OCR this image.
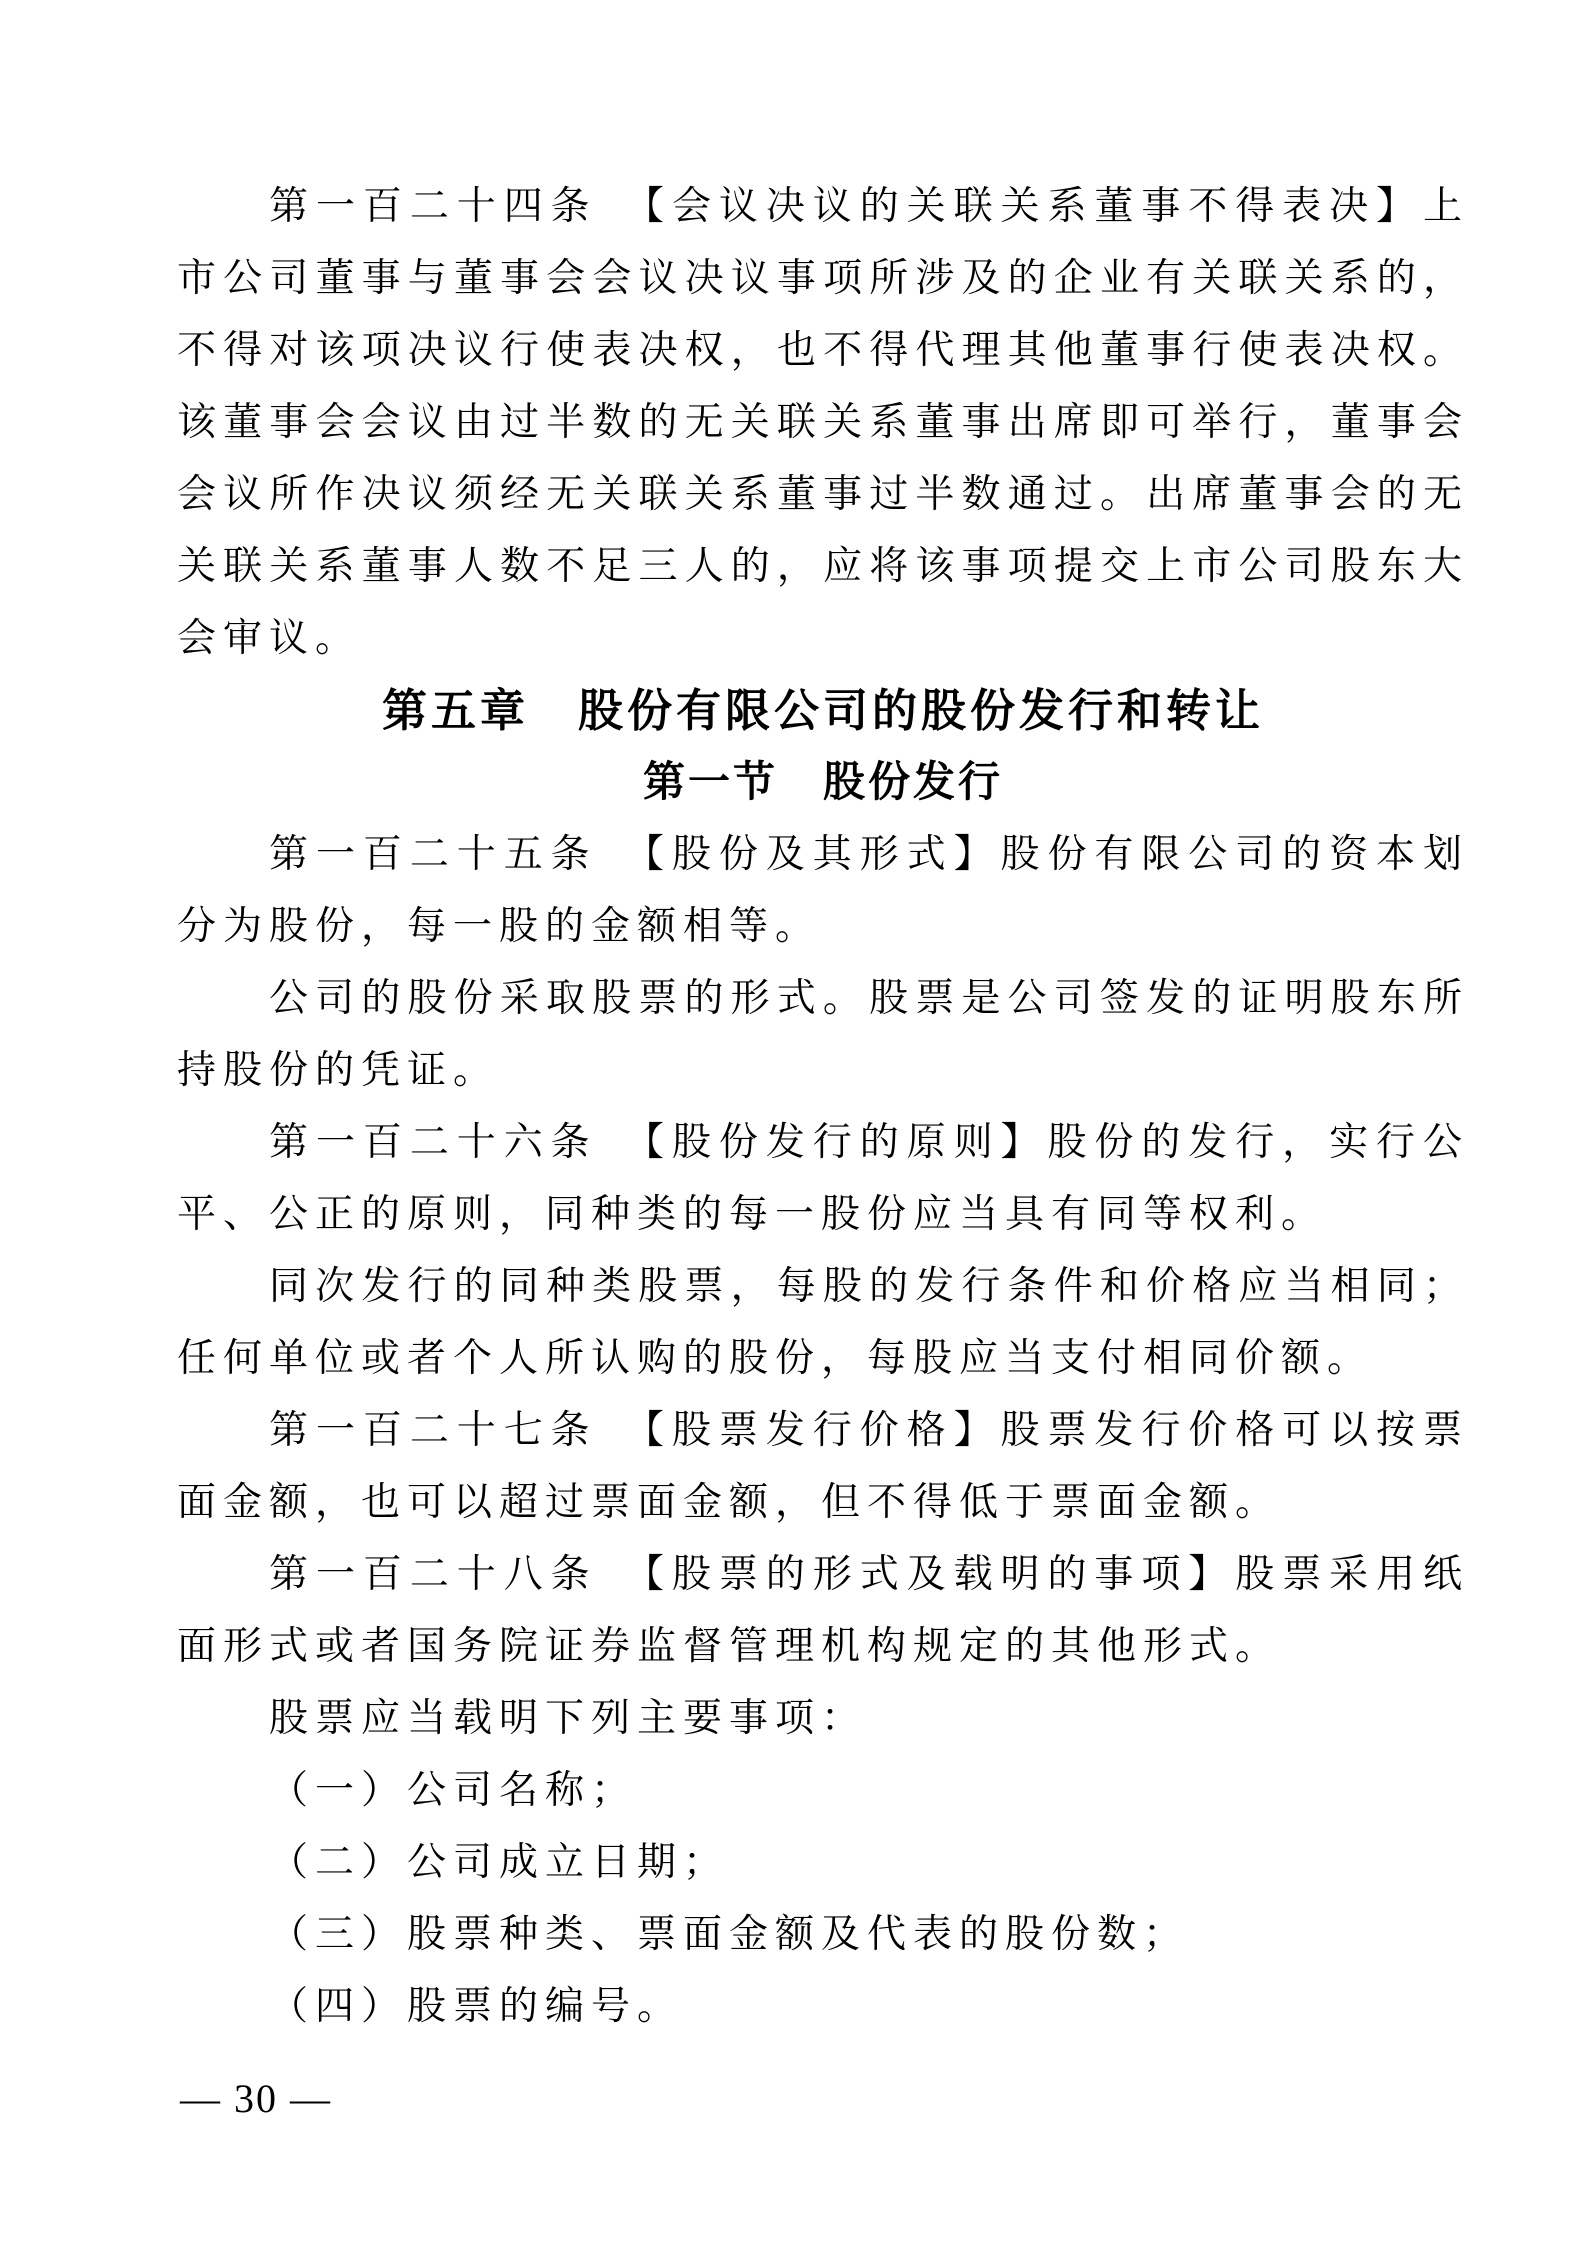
第一百二十四条　【会议决议的关联关系董事不得表决】上市公司董事与董事会会议决议事项所涉及的企业有关联关系的，不得对该项决议行使表决权，也不得代理其他董事行使表决权。该董事会会议由过半数的无关联关系董事出席即可举行，董事会会议所作决议须经无关联关系董事过半数通过。出席董事会的无关联关系董事人数不足三人的，应将该事项提交上市公司股东大会审议。

第五章　股份有限公司的股份发行和转让

第一节　股份发行

第一百二十五条　【股份及其形式】股份有限公司的资本划分为股份，每一股的金额相等。

公司的股份采取股票的形式。股票是公司签发的证明股东所持股份的凭证。

第一百二十六条　【股份发行的原则】股份的发行，实行公平、公正的原则，同种类的每一股份应当具有同等权利。

同次发行的同种类股票，每股的发行条件和价格应当相同；任何单位或者个人所认购的股份，每股应当支付相同价额。

第一百二十七条　【股票发行价格】股票发行价格可以按票面金额，也可以超过票面金额，但不得低于票面金额。

第一百二十八条　【股票的形式及载明的事项】股票采用纸面形式或者国务院证券监督管理机构规定的其他形式。

股票应当载明下列主要事项：

（一）公司名称；

（二）公司成立日期；

（三）股票种类、票面金额及代表的股份数；

（四）股票的编号。

— 30 —
